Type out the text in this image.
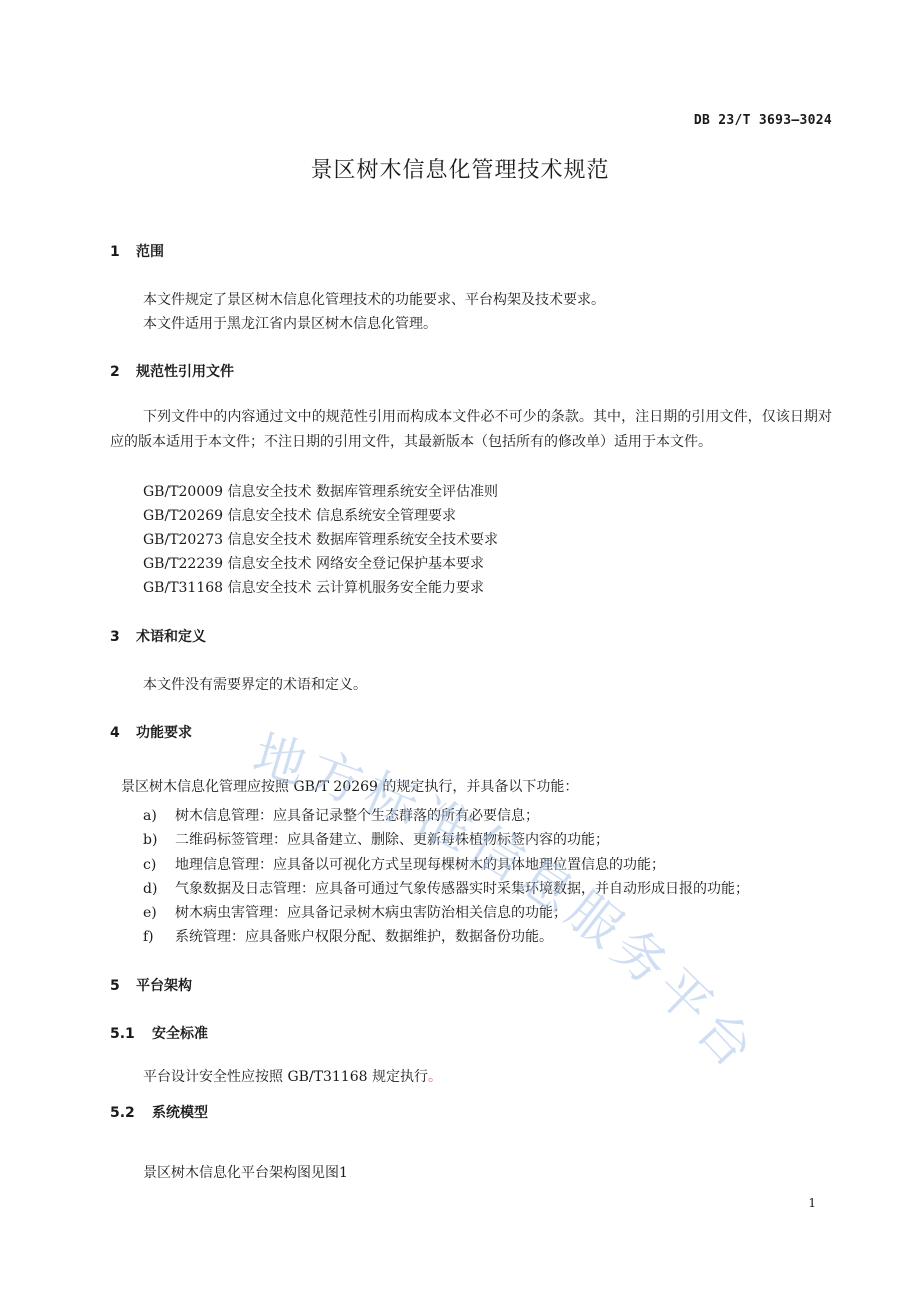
DB 23/T 3693—3024
景区树木信息化管理技术规范
1 范围
本文件规定了景区树木信息化管理技术的功能要求、平台构架及技术要求。
本文件适用于黑龙江省内景区树木信息化管理。
2 规范性引用文件
下列文件中的内容通过文中的规范性引用而构成本文件必不可少的条款。其中，注日期的引用文件，仅该日期对应的版本适用于本文件；不注日期的引用文件，其最新版本（包括所有的修改单）适用于本文件。
GB/T20009 信息安全技术 数据库管理系统安全评估准则
GB/T20269 信息安全技术 信息系统安全管理要求
GB/T20273 信息安全技术 数据库管理系统安全技术要求
GB/T22239 信息安全技术 网络安全登记保护基本要求
GB/T31168 信息安全技术 云计算机服务安全能力要求
3 术语和定义
本文件没有需要界定的术语和定义。
4 功能要求
景区树木信息化管理应按照 GB/T 20269 的规定执行，并具备以下功能：
a) 树木信息管理：应具备记录整个生态群落的所有必要信息；
b) 二维码标签管理：应具备建立、删除、更新每株植物标签内容的功能；
c) 地理信息管理：应具备以可视化方式呈现每棵树木的具体地理位置信息的功能；
d) 气象数据及日志管理：应具备可通过气象传感器实时采集环境数据，并自动形成日报的功能；
e) 树木病虫害管理：应具备记录树木病虫害防治相关信息的功能；
f) 系统管理：应具备账户权限分配、数据维护，数据备份功能。
5 平台架构
5.1 安全标准
平台设计安全性应按照 GB/T31168 规定执行。
5.2 系统模型
景区树木信息化平台架构图见图1
1
地方标准信息服务平台
